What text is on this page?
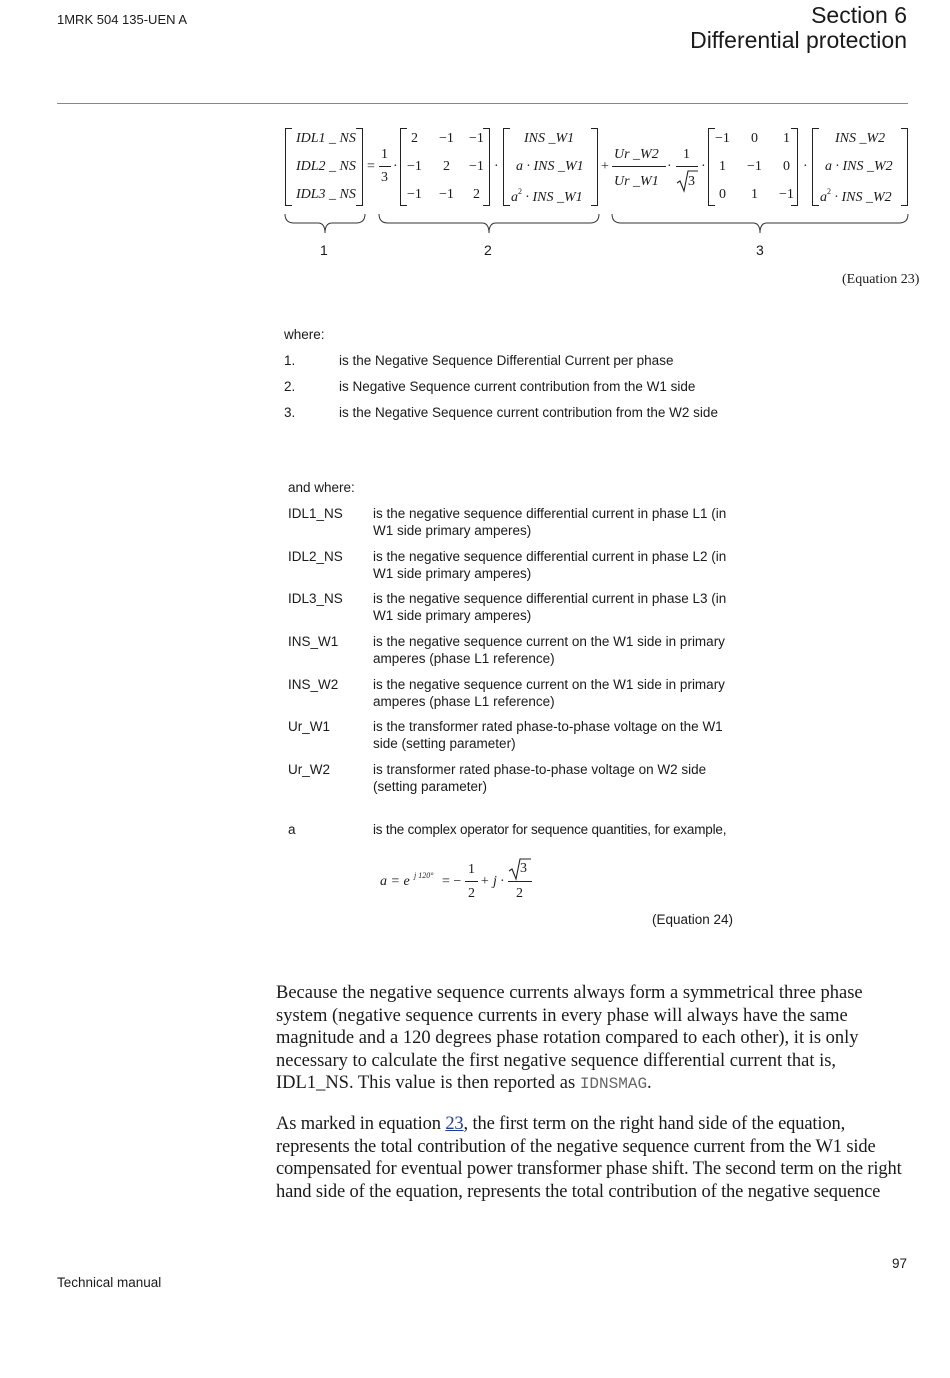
1MRK 504 135-UEN A	Section 6
Differential protection
IDL1 _ NS
IDL2 _ NS
IDL3 _ NS
=
1
3
·
2 −1 −1
−1 2 −1
−1 −1 2
·
INS _W1
a · INS _W1
$a^2$ · INS _W1
+
Ur _W2
Ur _W1
·
1
3
·
−1 0 1
1 −1 0
0 1 −1
·
INS _W2
a · INS _W2
$a^2$ · INS _W2
1	2	3
(Equation 23)
where:
1.	is the Negative Sequence Differential Current per phase
2.	is Negative Sequence current contribution from the W1 side
3.	is the Negative Sequence current contribution from the W2 side
and where:
IDL1_NS is the negative sequence differential current in phase L1 (in W1 side primary amperes)
IDL2_NS is the negative sequence differential current in phase L2 (in W1 side primary amperes)
IDL3_NS is the negative sequence differential current in phase L3 (in W1 side primary amperes)
INS_W1	is the negative sequence current on the W1 side in primary amperes (phase L1 reference)
INS_W2	is the negative sequence current on the W1 side in primary amperes (phase L1 reference)
Ur_W1	is the transformer rated phase-to-phase voltage on the W1 side (setting parameter)
Ur_W2	is transformer rated phase-to-phase voltage on W2 side (setting parameter)
a	is the complex operator for sequence quantities, for example,
a = e j 120° = −
1
2
+ j ·
3
2
(Equation 24)

Because the negative sequence currents always form a symmetrical three phase system (negative sequence currents in every phase will always have the same magnitude and a 120 degrees phase rotation compared to each other), it is only necessary to calculate the first negative sequence differential current that is, IDL1_NS. This value is then reported as IDNSMAG.

As marked in equation 23, the first term on the right hand side of the equation, represents the total contribution of the negative sequence current from the W1 side compensated for eventual power transformer phase shift. The second term on the right hand side of the equation, represents the total contribution of the negative sequence

97
Technical manual
